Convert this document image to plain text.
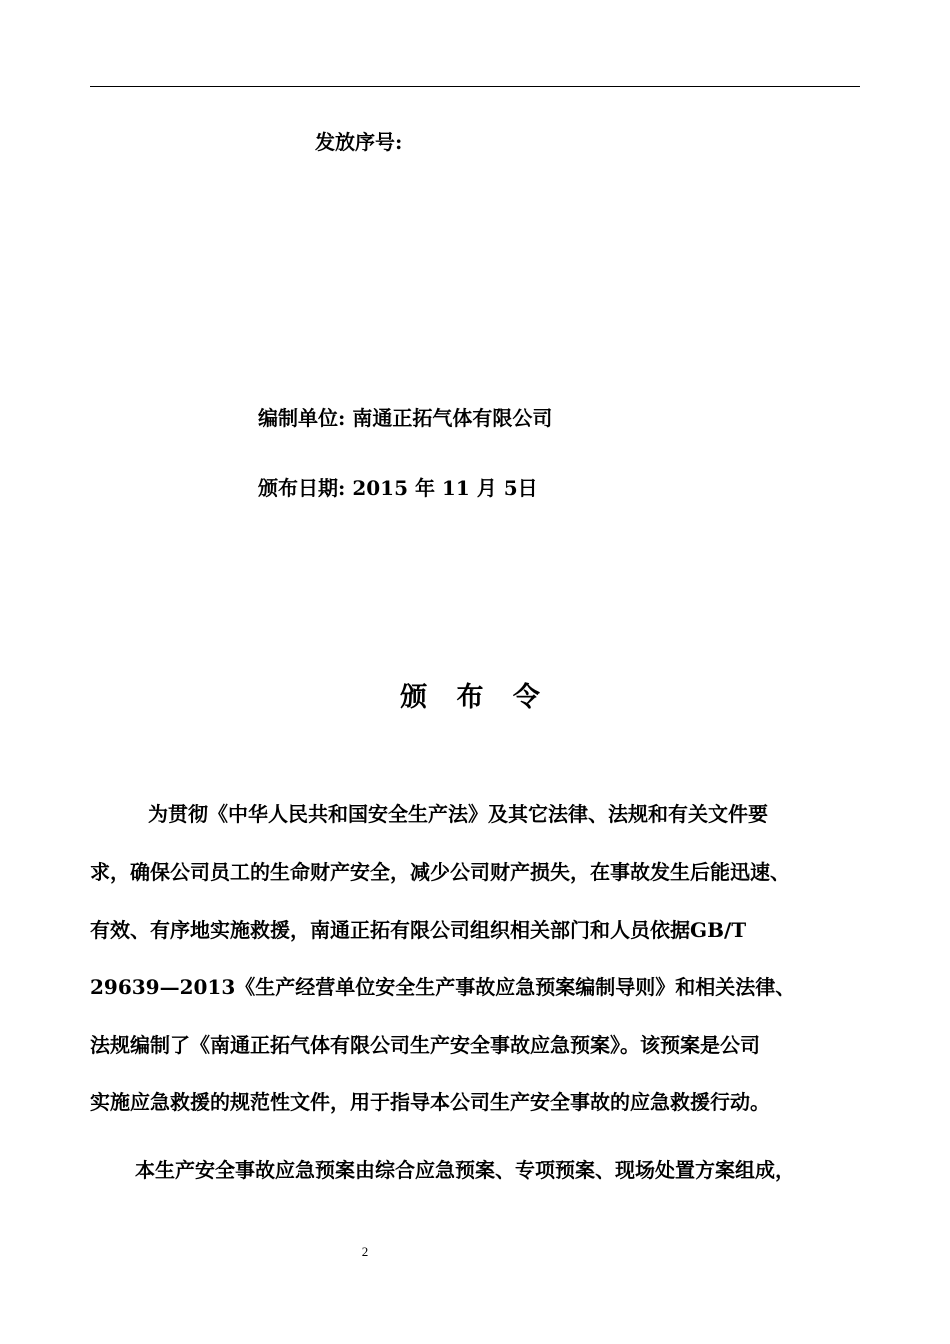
发放序号:
编制单位: 南通正拓气体有限公司
颁布日期: 2015 年 11 月 5日
颁 布 令
为贯彻《中华人民共和国安全生产法》及其它法律、法规和有关文件要
求，确保公司员工的生命财产安全，减少公司财产损失，在事故发生后能迅速、
有效、有序地实施救援，南通正拓有限公司组织相关部门和人员依据GB/T
29639—2013《生产经营单位安全生产事故应急预案编制导则》和相关法律、
法规编制了《南通正拓气体有限公司生产安全事故应急预案》。该预案是公司
实施应急救援的规范性文件，用于指导本公司生产安全事故的应急救援行动。
本生产安全事故应急预案由综合应急预案、专项预案、现场处置方案组成，
2
